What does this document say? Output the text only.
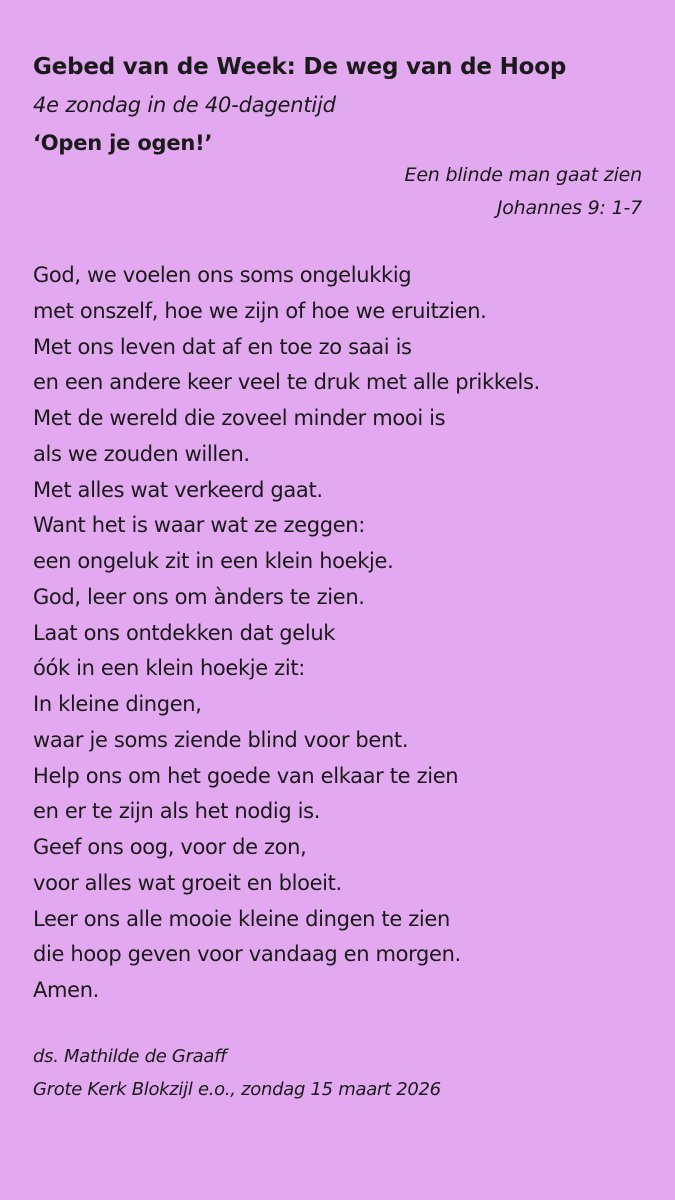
Gebed van de Week: De weg van de Hoop
4e zondag in de 40-dagentijd
‘Open je ogen!’
Een blinde man gaat zien
Johannes 9: 1-7
God, we voelen ons soms ongelukkig
met onszelf, hoe we zijn of hoe we eruitzien.
Met ons leven dat af en toe zo saai is
en een andere keer veel te druk met alle prikkels.
Met de wereld die zoveel minder mooi is
als we zouden willen.
Met alles wat verkeerd gaat.
Want het is waar wat ze zeggen:
een ongeluk zit in een klein hoekje.
God, leer ons om ànders te zien.
Laat ons ontdekken dat geluk
óók in een klein hoekje zit:
In kleine dingen,
waar je soms ziende blind voor bent.
Help ons om het goede van elkaar te zien
en er te zijn als het nodig is.
Geef ons oog, voor de zon,
voor alles wat groeit en bloeit.
Leer ons alle mooie kleine dingen te zien
die hoop geven voor vandaag en morgen.
Amen.
ds. Mathilde de Graaff
Grote Kerk Blokzijl e.o., zondag 15 maart 2026
